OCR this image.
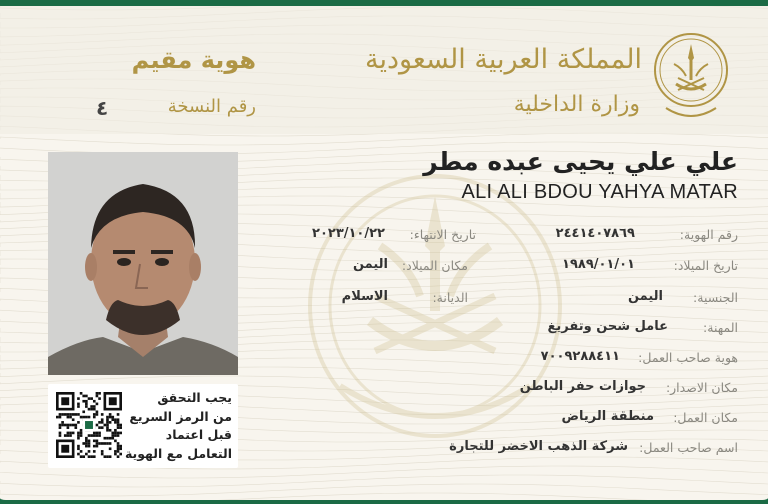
المملكة العربية السعودية
وزارة الداخلية
هوية مقيم
رقم النسخة
٤
يجب التحقق
من الرمز السريع
قبل اعتماد
التعامل مع الهوية
علي علي يحيى عبده مطر
ALI ALI BDOU YAHYA MATAR
رقم الهوية:
٢٤٤١٤٠٧٨٦٩
تاريخ الميلاد:
١٩٨٩/٠١/٠١
الجنسية:
اليمن
تاريخ الانتهاء:
٢٠٢٣/١٠/٢٢
مكان الميلاد:
اليمن
الديانة:
الاسلام
المهنة:
عامل شحن وتفريغ
هوية صاحب العمل:
٧٠٠٩٢٨٨٤١١
مكان الاصدار:
جوازات حفر الباطن
مكان العمل:
منطقة الرياض
اسم صاحب العمل:
شركة الذهب الاخضر للتجارة
